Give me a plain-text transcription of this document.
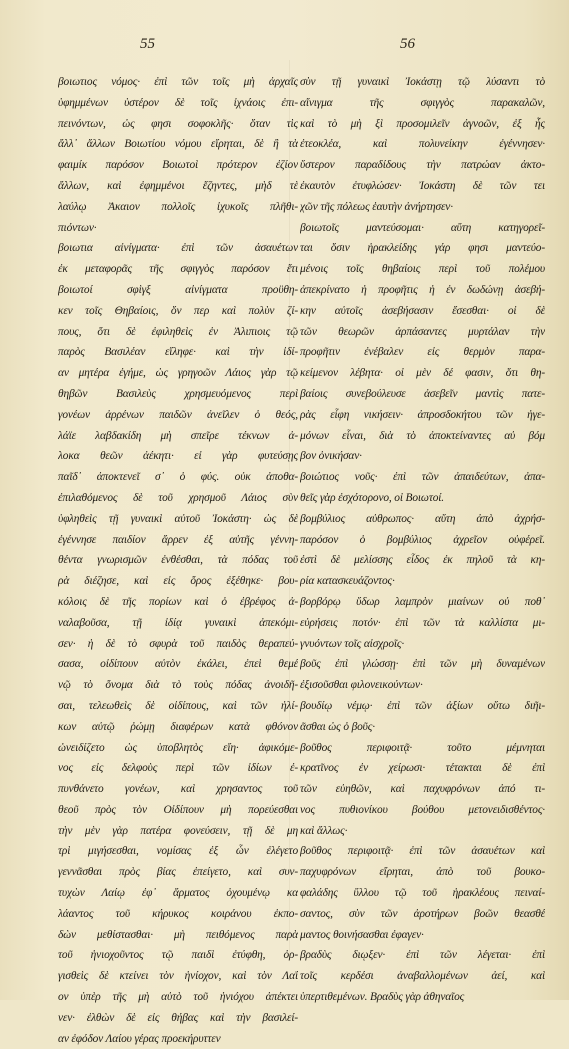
55	56
βοιωτιος νόμος· ἐπὶ τῶν τοῖς μὴ ἀρχαῖς
ὑφημμένων ὑστέρον δὲ τοῖς ἰχνάοις ἐπι-
πεινόντων, ὡς φησι σοφοκλῆς· ὅταν τὶς
ἄλλ᾽ ἄλλων Βοιωτίου νόμου εἴρηται, δὲ ἢ τὰ
φαιμίκ παρόσον Βοιωτοὶ πρότερον ἐζίον
ἄλλων, καὶ ἐφημμένοι ἔζηντες, μὴδ τὲ
λαύλῳ Ἀκαιον πολλοῖς ἰχυκοῖς πλῆθι-
πιόντων·
βοιωτια αἰνίγματα· ἐπὶ τῶν ἀσαυέτων
ἐκ μεταφορᾶς τῆς σφιγγὸς παρόσον ἔτι
βοιωτοί σφὶγξ αἰνίγματα προϋθη-
κεν τοῖς Θηβαίοις, ὅν περ καὶ πολὺν ζί-
πους, ὅτι δὲ ἐφιληθεὶς ἐν Ἀλιπιοις τῷ
παρὸς Βασιλέαν εἴληφε· καὶ τὴν ἰδί-
αν μητέρα ἐγήμε, ὡς γρηγοῶν Λάιος γὰρ τῷ
θηβῶν Βασιλεὺς χρησμευόμενος περὶ
γονέων ἀρρένων παιδῶν ἀνεῖλεν ὁ θεός,
λάϊε λαβδακίδη μὴ σπεῖρε τέκνων ἀ-
λοκα θεῶν ἀέκητι· εἰ γὰρ φυτεύσῃς
παῖδ᾽ ἀποκτενεῖ σ᾽ ὁ φύς. οὐκ ἀποθα-
ἐπιλαθόμενος δὲ τοῦ χρησμοῦ Λάιος σὺν
ὑφληθεὶς τῇ γυναικὶ αὐτοῦ Ἰοκάστη· ὡς δὲ
ἐγέννησε παιδίον ἄρρεν ἐξ αὐτῆς γέννη-
θέντα γνωρισμῶν ἐνθέσθαι, τὰ πόδας τοῦ
ρὰ διέζησε, καὶ εἰς ὄρος ἐξέθηκε· βου-
κόλοις δὲ τῆς πορίων καὶ ὁ ἐβρέφος ἀ-
ναλαβοῦσα, τῇ ἰδίᾳ γυναικὶ ἀπεκόμι-
σεν· ἡ δὲ τὸ σφυρὰ τοῦ παιδὸς θεραπεύ-
σασα, οἰδίπουν αὐτὸν ἐκάλει, ἐπεὶ θεμέ
νῷ τὸ ὄνομα διὰ τὸ τοὺς πόδας ἀνοιδῆ-
σαι, τελεωθεὶς δὲ οἰδίπους, καὶ τῶν ἡλί-
κων αὐτῷ ῥώμῃ διαφέρων κατὰ φθόνον
ὠνειδίζετο ὡς ὑποβλητὸς εἴη· ἀφικόμε-
νος εἰς δελφοὺς περὶ τῶν ἰδίων ἐ-
πυνθάνετο γονέων, καὶ χρησαντος τοῦ
θεοῦ πρὸς τὸν Οἰδίπουν μὴ πορεύεσθαι
τὴν μὲν γὰρ πατέρα φονεύσειν, τῇ δὲ μη
τρὶ μιγήσεσθαι, νομίσας ἐξ ὧν ἐλέγετο
γεννᾶσθαι πρὸς βίας ἐπείγετο, καὶ συν-
τυχὼν Λαίῳ ἐφ᾽ ἅρματος ὀχουμένῳ κα
λάαντος τοῦ κήρυκος κοιράνου ἐκπο-
δὼν μεθίστασθαι· μὴ πειθόμενος παρὰ
τοῦ ἡνιοχοῦντος τῷ παιδὶ ἐτύφθη, ὀρ-
γισθεὶς δὲ κτείνει τὸν ἡνίοχον, καὶ τὸν Λαΐ
ον ὑπὲρ τῆς μὴ αὐτὸ τοῦ ἡνιόχου ἀπέκτει
νεν· ἐλθὼν δὲ εἰς θήβας καὶ τὴν βασιλεί-
αν ἐφόδον Λαίου γέρας προεκήρυττεν
σὺν τῇ γυναικὶ Ἰοκάστῃ τῷ λύσαντι τὸ
αἴνιγμα τῆς σφιγγὸς παρακαλῶν,
καὶ τὸ μὴ ξὶ προσομιλεῖν ἀγνοῶν, ἐξ ἧς
ἐτεοκλέα, καὶ πολυνείκην ἐγέννησεν·
ὕστερον παραδίδους τὴν πατρώαν ἀκτο-
ἐκαυτὸν ἐτυφλώσεν· Ἰοκάστη δὲ τῶν τει
χῶν τῆς πόλεως ἑαυτὴν ἀνήρτησεν·
βοιωτοῖς μαντεύσομαι· αὕτη κατηγορεῖ-
ται ὅσιν ἡρακλείδης γάρ φησι μαντεύο-
μένοις τοῖς θηβαίοις περὶ τοῦ πολέμου
ἀπεκρίνατο ἡ προφῆτις ἡ ἐν δωδώνῃ ἀσεβή-
κην αὐτοῖς ἀσεβήσασιν ἔσεσθαι· οἱ δὲ
τῶν θεωρῶν ἀρπάσαντες μυρτάλαν τὴν
προφῆτιν ἐνέβαλεν εἰς θερμὸν παρα-
κείμενον λέβητα· οἱ μὲν δέ φασιν, ὅτι θη-
βαίοις συνεβούλευσε ἀσεβεῖν μαντὶς πατε-
ρὰς εἶφη νικήσειν· ἀπροσδοκήτου τῶν ἡγε-
μόνων εἶναι, διὰ τὸ ἀποκτείναντες αὐ βόμ
βον ὀνικήσαν·
βοιώτιος νοῦς· ἐπὶ τῶν ἀπαιδεύτων, ἀπα-
θεῖς γὰρ ἐσχότορονο, οἱ Βοιωτοί.
βομβύλιος αὐθρωπος· αὕτη ἀπὸ ἀχρήσ-
παρόσον ὁ βομβύλιος ἀχρεῖον οὐφέρεῖ.
ἐστὶ δὲ μελίσσης εἶδος ἐκ πηλοῦ τὰ κη-
ρία κατασκευάζοντος·
βορβόρῳ ὕδωρ λαμπρὸν μιαίνων οὐ ποθ᾽
εὑρήσεις ποτόν· ἐπὶ τῶν τὰ καλλίστα μι-
γνυόντων τοῖς αἰσχροῖς·
βοῦς ἐπὶ γλώσσῃ· ἐπὶ τῶν μὴ δυναμένων
ἐξισοῦσθαι φιλονεικούντων·
βουδίῳ νέμῳ· ἐπὶ τῶν ἀξίων οὕτω διῆι-
ᾶσθαι ὡς ὁ βοῦς·
βοῦθος περιφοιτᾷ· τοῦτο μέμνηται
κρατῖνος ἐν χείρωσι· τέτακται δὲ ἐπὶ
τῶν εὐηθῶν, καὶ παχυφρόνων ἀπό τι-
νος πυθιονίκου βούθου μετονειδισθέντος·
καὶ ἄλλως·
βοῦθος περιφοιτᾷ· ἐπὶ τῶν ἀσαυέτων καὶ
παχυφρόνων εἴρηται, ἀπὸ τοῦ βουκο-
φαλάδης ὕλλου τῷ τοῦ ἡρακλέους πειναί-
σαντος, σὺν τῶν ἀροτήρων βοῶν θεασθέ
μαντος θοινήσασθαι ἐφαγεν·
βραδὺς διῳξεν· ἐπὶ τῶν λέγεται· ἐπὶ
τοῖς κερδέσι ἀναβαλλομένων ἀεί, καὶ
ὑπερτιθεμένων. Βραδὺς γὰρ ἀθηναῖος
